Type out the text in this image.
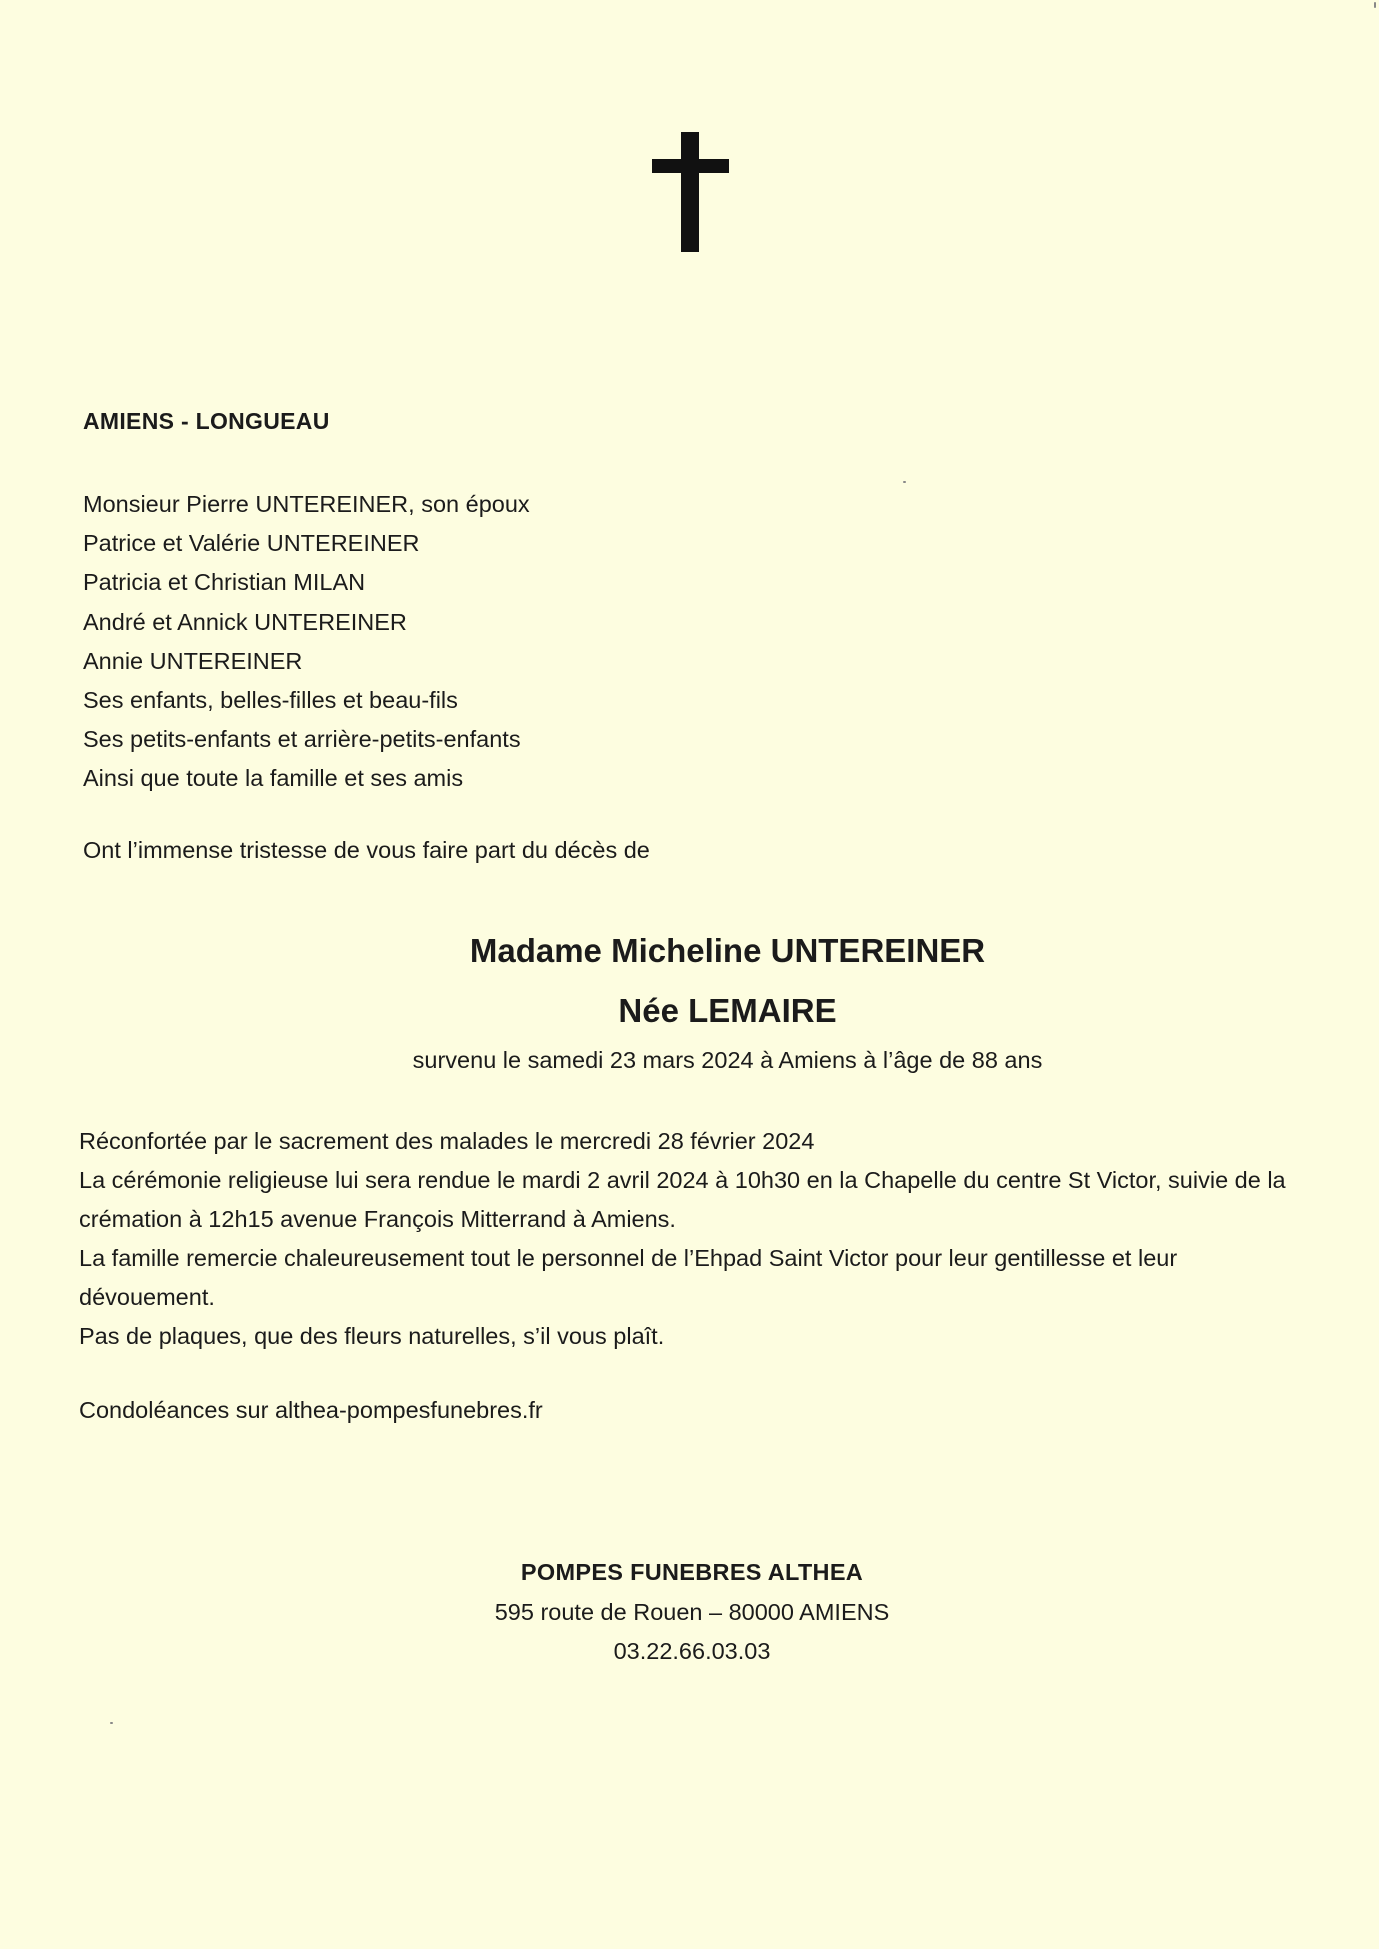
AMIENS - LONGUEAU
Monsieur Pierre UNTEREINER, son époux
Patrice et Valérie UNTEREINER
Patricia et Christian MILAN
André et Annick UNTEREINER
Annie UNTEREINER
Ses enfants, belles-filles et beau-fils
Ses petits-enfants et arrière-petits-enfants
Ainsi que toute la famille et ses amis
Ont l’immense tristesse de vous faire part du décès de
Madame Micheline UNTEREINER
Née LEMAIRE
survenu le samedi 23 mars 2024 à Amiens à l’âge de 88 ans

Réconfortée par le sacrement des malades le mercredi 28 février 2024

La cérémonie religieuse lui sera rendue le mardi 2 avril 2024 à 10h30 en la Chapelle du centre St Victor, suivie de la crémation à 12h15 avenue François Mitterrand à Amiens.

La famille remercie chaleureusement tout le personnel de l’Ehpad Saint Victor pour leur gentillesse et leur dévouement.

Pas de plaques, que des fleurs naturelles, s’il vous plaît.

Condoléances sur althea-pompesfunebres.fr
POMPES FUNEBRES ALTHEA
595 route de Rouen – 80000 AMIENS
03.22.66.03.03
